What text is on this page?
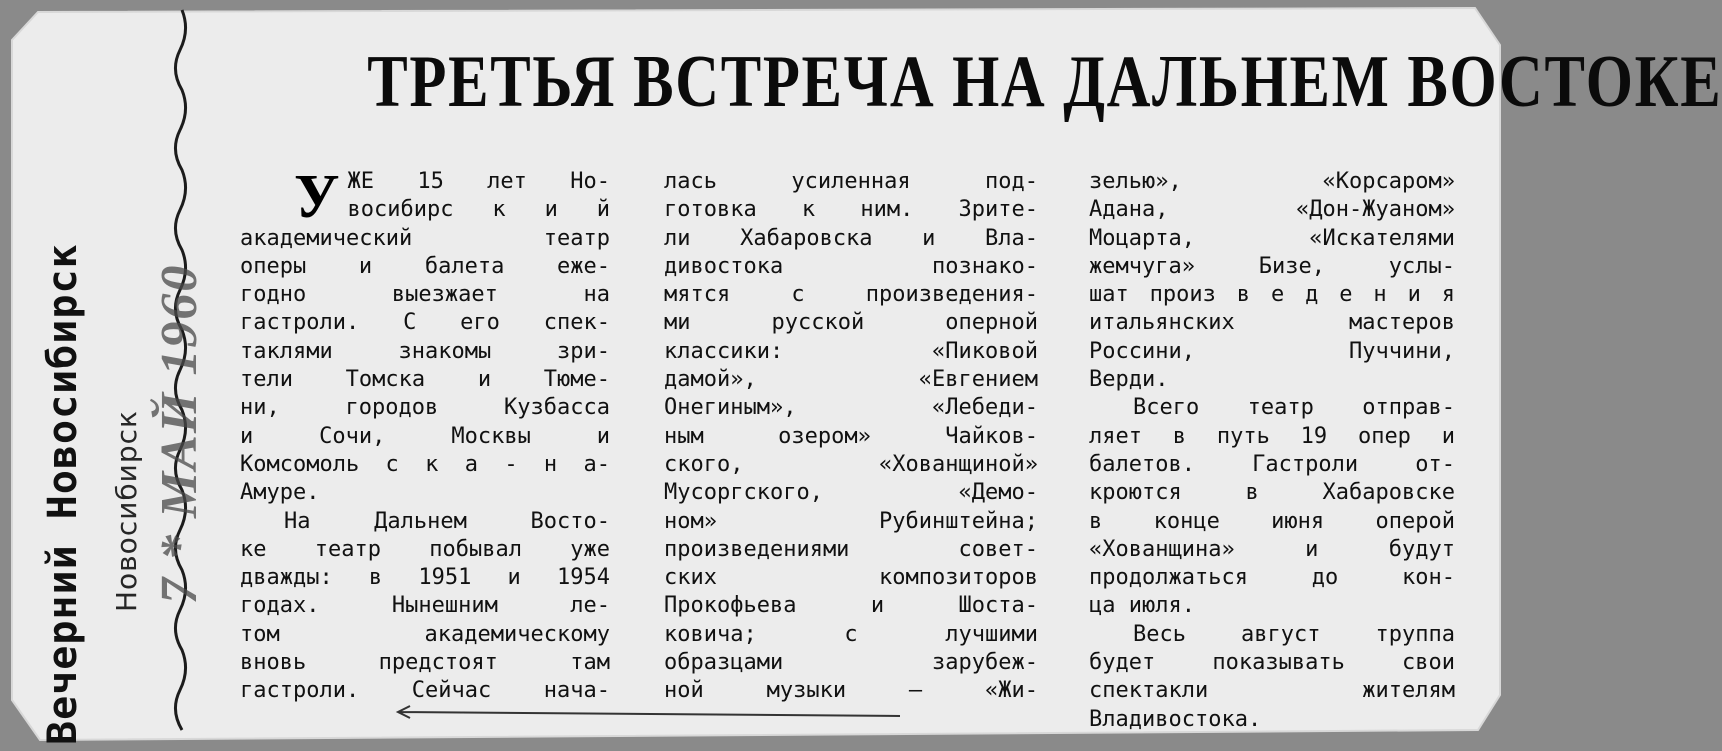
Вечерний Новосибирск Новосибирск 7 * МАЙ 1960
ТРЕТЬЯ ВСТРЕЧА НА ДАЛЬНЕМ ВОСТОКЕ
У ЖЕ 15 лет Но-
восибирс к и й
академический театр
оперы и балета еже-
годно выезжает на
гастроли. С его спек-
таклями знакомы зри-
тели Томска и Тюме-
ни, городов Кузбасса
и Сочи, Москвы и
Комсомоль с к а - н а-
Амуре.
На Дальнем Восто-
ке театр побывал уже
дважды: в 1951 и 1954
годах. Нынешним ле-
том академическому
вновь предстоят там
гастроли. Сейчас нача-
лась усиленная под-
готовка к ним. Зрите-
ли Хабаровска и Вла-
дивостока познако-
мятся с произведения-
ми русской оперной
классики: «Пиковой
дамой», «Евгением
Онегиным», «Лебеди-
ным озером» Чайков-
ского, «Хованщиной»
Мусоргского, «Демо-
ном» Рубинштейна;
произведениями совет-
ских композиторов
Прокофьева и Шоста-
ковича; с лучшими
образцами зарубеж-
ной музыки — «Жи-
зелью», «Корсаром»
Адана, «Дон-Жуаном»
Моцарта, «Искателями
жемчуга» Бизе, услы-
шат произ в е д е н и я
итальянских мастеров
Россини, Пуччини,
Верди.
Всего театр отправ-
ляет в путь 19 опер и
балетов. Гастроли от-
кроются в Хабаровске
в конце июня оперой
«Хованщина» и будут
продолжаться до кон-
ца июля.
Весь август труппа
будет показывать свои
спектакли жителям
Владивостока.
